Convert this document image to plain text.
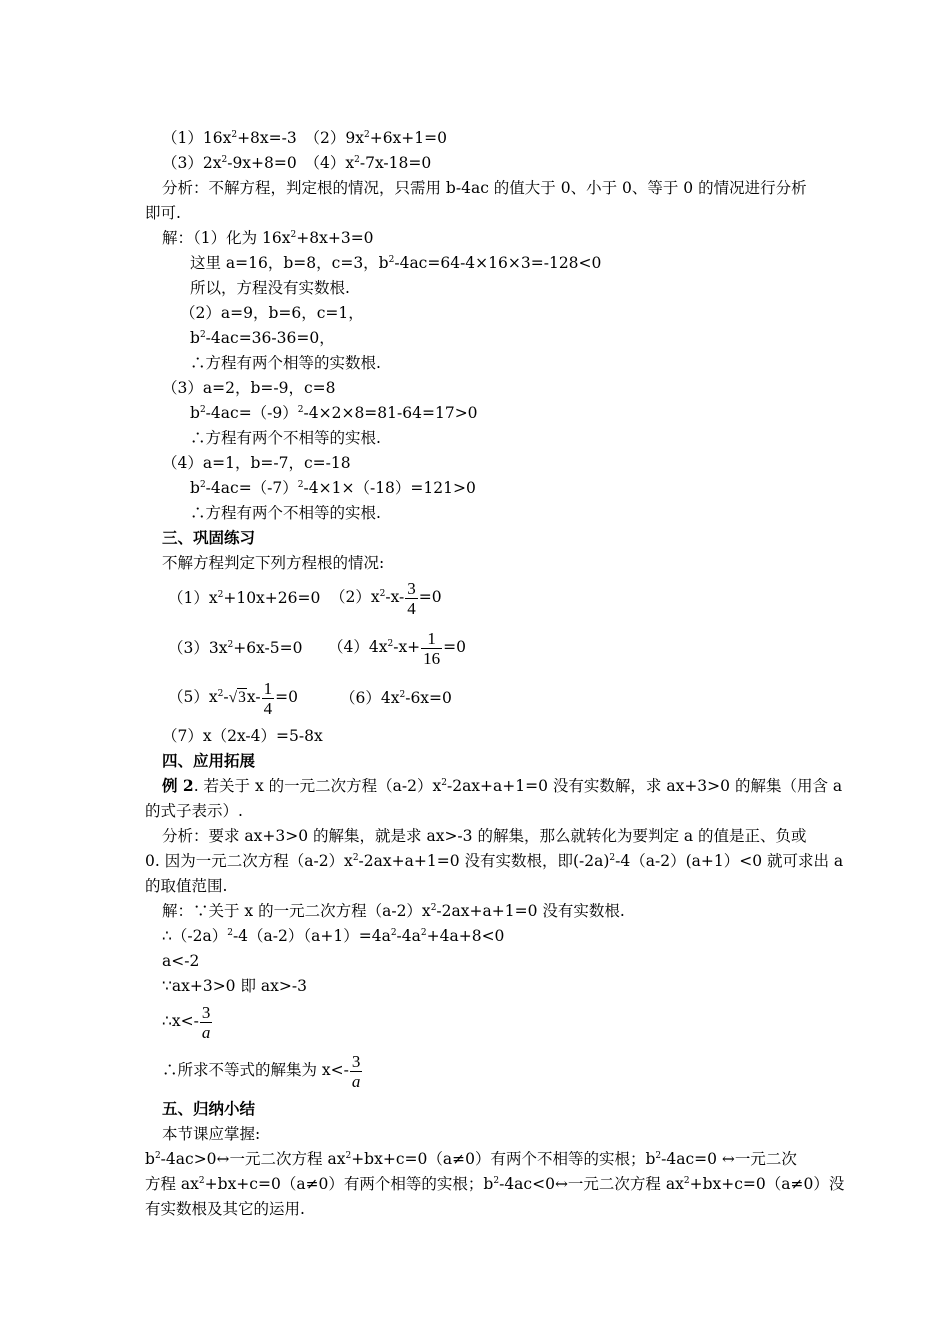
$(1)16x^2+8x=-3$　$(2)9x^2+6x+1=0$
$(3)2x^2-9x+8=0$　$(4)x^2-7x-18=0$
分析：不解方程，判定根的情况，只需用 b-4ac 的值大于 0、小于 0、等于 0 的情况进行分析
即可.
解：（1）化为 $16x^2+8x+3=0$
这里 a=16，b=8，c=3，$b^2-4ac=64-4\times 16\times 3=-128<0$
所以，方程没有实数根.
（2）a=9，b=6，c=1，
$b^2-4ac=36-36=0$，
∴方程有两个相等的实数根.
（3）a=2，b=-9，c=8
$b^2-4ac=(-9)^2-4\times 2\times 8=81-64=17>0$
∴方程有两个不相等的实根.
（4）a=1，b=-7，c=-18
$b^2-4ac=(-7)^2-4\times 1\times(-18)=121>0$
∴方程有两个不相等的实根.
三、巩固练习
不解方程判定下列方程根的情况:
$(1)x^2+10x+26=0$ $(2)x^2-x- \frac{3}{4} =0$
$(3)3x^2+6x-5=0$ $(4)4x^2-x+ \frac{1}{16} =0$
$(5)x^2-√3x- \frac{1}{4} =0$	$(6)4x^2-6x=0$
（7）x（2x-4）=5-8x
四、应用拓展
例 2. 若关于 x 的一元二次方程$(a-2)x^2-2ax+a+1=0$ 没有实数解，求 ax+3>0 的解集（用含 a
的式子表示）.
分析：要求 ax+3>0 的解集，就是求 ax>-3 的解集，那么就转化为要判定 a 的值是正、负或
0. 因为一元二次方程$(a-2)x^2-2ax+a+1=0$ 没有实数根，即$(-2a)^2-4(a-2)(a+1)<0$ 就可求出 a
的取值范围.
解：∵关于 x 的一元二次方程$(a-2)x^2-2ax+a+1=0$ 没有实数根.
$\therefore(-2a)^2-4(a-2)(a+1)=4a^2-4a^2+4a+8<0$
a<-2
∵ax+3>0 即 ax>-3
∴x<- $\frac{3}{a}$
∴所求不等式的解集为 $x<- \frac{3}{a}$
五、归纳小结
本节课应掌握:
$b^2-4ac>0\leftrightarrow$一元二次方程 $ax^2+bx+c=0(a\ne 0)$有两个不相等的实根；$b^2-4ac=0$ ↔一元二次
方程 $ax^2+bx+c=0(a\ne 0)$有两个相等的实根；$b^2-4ac<0\leftrightarrow$一元二次方程 $ax^2+bx+c=0(a\ne 0)$没
有实数根及其它的运用.
